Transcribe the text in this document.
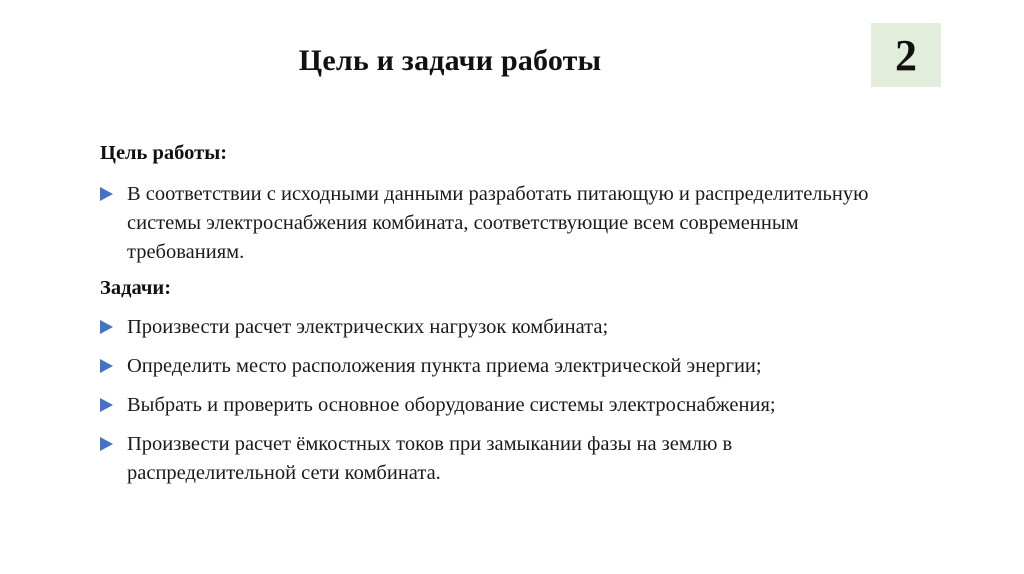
Цель и задачи работы	2
Цель работы:
В соответствии с исходными данными разработать питающую и распределительную системы электроснабжения комбината, соответствующие всем современным требованиям.
Задачи:
Произвести расчет электрических нагрузок комбината;
Определить место расположения пункта приема электрической энергии;
Выбрать и проверить основное оборудование системы электроснабжения;
Произвести расчет ёмкостных токов при замыкании фазы на землю в распределительной сети комбината.
